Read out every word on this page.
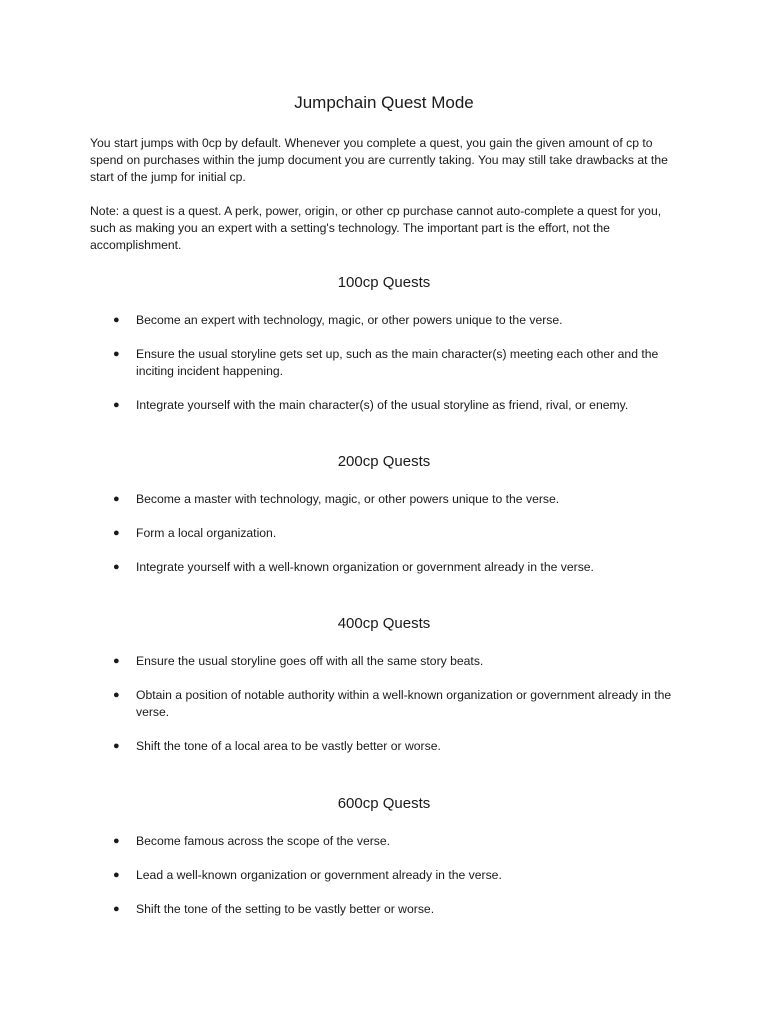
Jumpchain Quest Mode

You start jumps with 0cp by default. Whenever you complete a quest, you gain the given amount of cp to spend on purchases within the jump document you are currently taking. You may still take drawbacks at the start of the jump for initial cp.

Note: a quest is a quest. A perk, power, origin, or other cp purchase cannot auto-complete a quest for you, such as making you an expert with a setting's technology. The important part is the effort, not the accomplishment.

100cp Quests
● Become an expert with technology, magic, or other powers unique to the verse.
● Ensure the usual storyline gets set up, such as the main character(s) meeting each other and the inciting incident happening.
● Integrate yourself with the main character(s) of the usual storyline as friend, rival, or enemy.
200cp Quests
● Become a master with technology, magic, or other powers unique to the verse.
● Form a local organization.
● Integrate yourself with a well-known organization or government already in the verse.
400cp Quests
● Ensure the usual storyline goes off with all the same story beats.
● Obtain a position of notable authority within a well-known organization or government already in the verse.
● Shift the tone of a local area to be vastly better or worse.
600cp Quests
● Become famous across the scope of the verse.
● Lead a well-known organization or government already in the verse.
● Shift the tone of the setting to be vastly better or worse.
